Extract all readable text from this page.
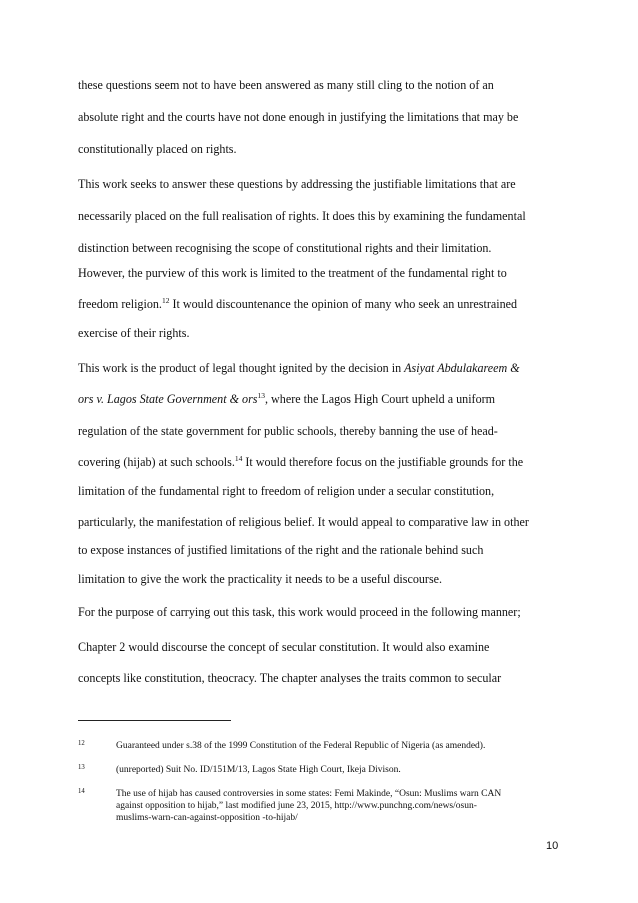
these questions seem not to have been answered as many still cling to the notion of an
absolute right and the courts have not done enough in justifying the limitations that may be
constitutionally placed on rights.
This work seeks to answer these questions by addressing the justifiable limitations that are
necessarily placed on the full realisation of rights. It does this by examining the fundamental
distinction between recognising the scope of constitutional rights and their limitation.
However, the purview of this work is limited to the treatment of the fundamental right to
freedom religion.$^{12}$ It would discountenance the opinion of many who seek an unrestrained
exercise of their rights.
This work is the product of legal thought ignited by the decision in Asiyat Abdulakareem &
ors v. Lagos State Government & ors$^{13}$, where the Lagos High Court upheld a uniform
regulation of the state government for public schools, thereby banning the use of head-
covering (hijab) at such schools.$^{14}$ It would therefore focus on the justifiable grounds for the
limitation of the fundamental right to freedom of religion under a secular constitution,
particularly, the manifestation of religious belief. It would appeal to comparative law in other
to expose instances of justified limitations of the right and the rationale behind such
limitation to give the work the practicality it needs to be a useful discourse.
For the purpose of carrying out this task, this work would proceed in the following manner;
Chapter 2 would discourse the concept of secular constitution. It would also examine
concepts like constitution, theocracy. The chapter analyses the traits common to secular
12	Guaranteed under s.38 of the 1999 Constitution of the Federal Republic of Nigeria (as amended).
13	(unreported) Suit No. ID/151M/13, Lagos State High Court, Ikeja Divison.
14	The use of hijab has caused controversies in some states: Femi Makinde, “Osun: Muslims warn CAN
against opposition to hijab,” last modified june 23, 2015, http://www.punchng.com/news/osun-
muslims-warn-can-against-opposition -to-hijab/
10
